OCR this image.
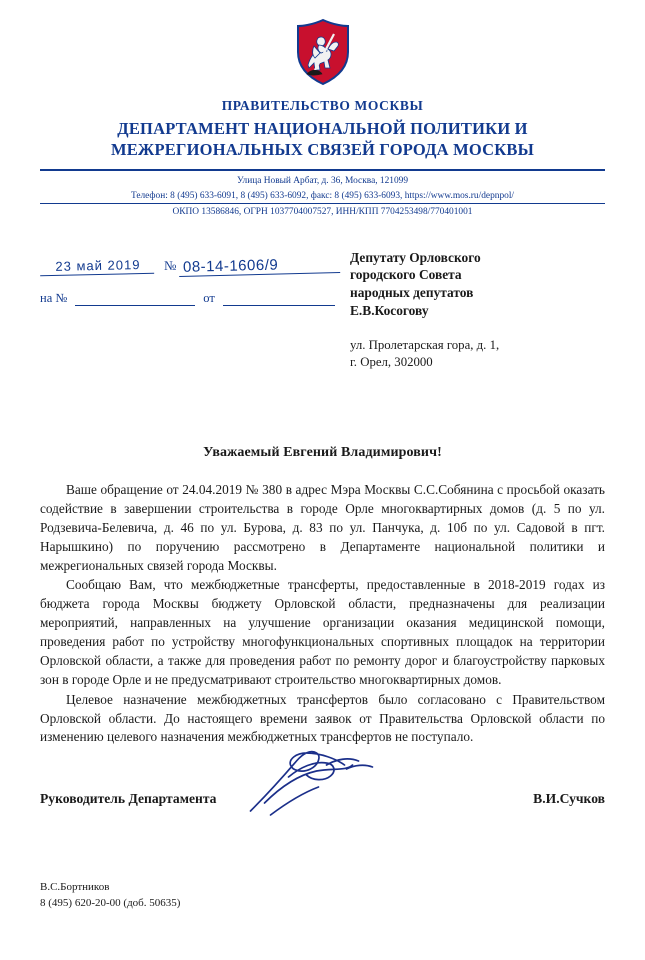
ПРАВИТЕЛЬСТВО МОСКВЫ
ДЕПАРТАМЕНТ НАЦИОНАЛЬНОЙ ПОЛИТИКИ И
МЕЖРЕГИОНАЛЬНЫХ СВЯЗЕЙ ГОРОДА МОСКВЫ
Улица Новый Арбат, д. 36, Москва, 121099
Телефон: 8 (495) 633-6091, 8 (495) 633-6092, факс: 8 (495) 633-6093, https://www.mos.ru/depnpol/
ОКПО 13586846, ОГРН 1037704007527, ИНН/КПП 7704253498/770401001
23 май 2019	№ 08-14-1606/9
на №	от
Депутату Орловского
городского Совета
народных депутатов
Е.В.Косогову
ул. Пролетарская гора, д. 1,
г. Орел, 302000
Уважаемый Евгений Владимирович!

Ваше обращение от 24.04.2019 № 380 в адрес Мэра Москвы С.С.Собянина с просьбой оказать содействие в завершении строительства в городе Орле многоквартирных домов (д. 5 по ул. Родзевича-Белевича, д. 46 по ул. Бурова, д. 83 по ул. Панчука, д. 10б по ул. Садовой в пгт. Нарышкино) по поручению рассмотрено в Департаменте национальной политики и межрегиональных связей города Москвы.

Сообщаю Вам, что межбюджетные трансферты, предоставленные в 2018-2019 годах из бюджета города Москвы бюджету Орловской области, предназначены для реализации мероприятий, направленных на улучшение организации оказания медицинской помощи, проведения работ по устройству многофункциональных спортивных площадок на территории Орловской области, а также для проведения работ по ремонту дорог и благоустройству парковых зон в городе Орле и не предусматривают строительство многоквартирных домов.

Целевое назначение межбюджетных трансфертов было согласовано с Правительством Орловской области. До настоящего времени заявок от Правительства Орловской области по изменению целевого назначения межбюджетных трансфертов не поступало.

Руководитель Департамента	В.И.Сучков
В.С.Бортников
8 (495) 620-20-00 (доб. 50635)
